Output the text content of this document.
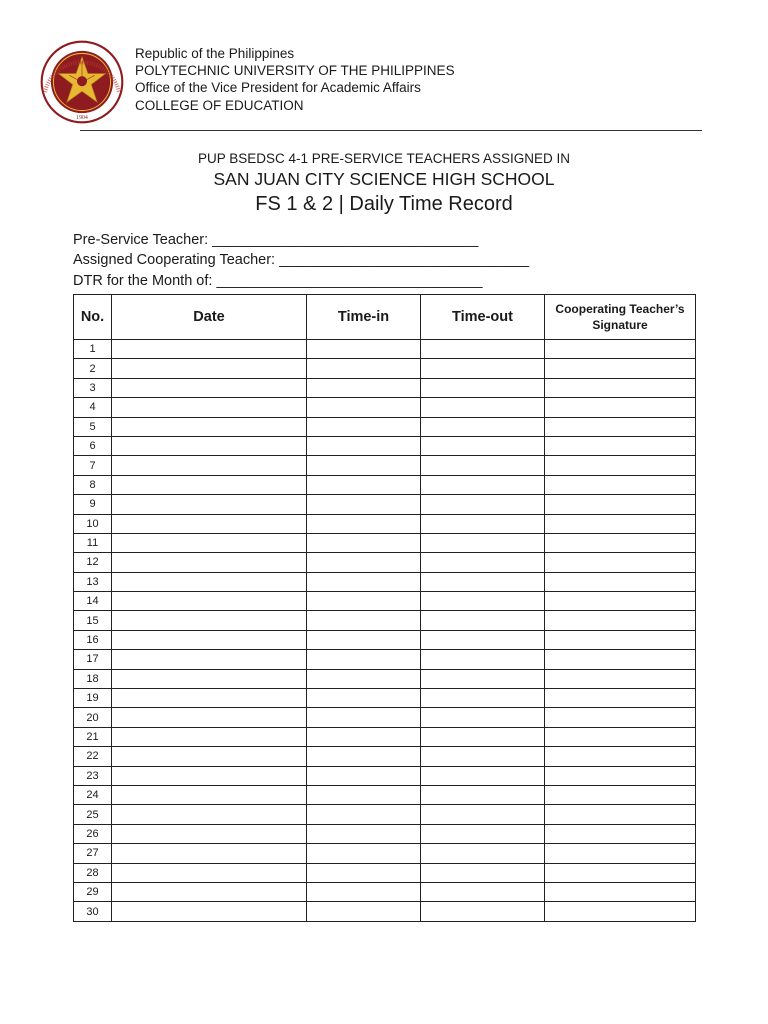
1904
Republic of the Philippines
POLYTECHNIC UNIVERSITY OF THE PHILIPPINES
Office of the Vice President for Academic Affairs
COLLEGE OF EDUCATION
PUP BSEDSC 4-1 PRE-SERVICE TEACHERS ASSIGNED IN
SAN JUAN CITY SCIENCE HIGH SCHOOL
FS 1 & 2 | Daily Time Record
Pre-Service Teacher: _________________________________
Assigned Cooperating Teacher: _______________________________
DTR for the Month of: _________________________________
No.	Date	Time-in	Time-out	Cooperating Teacher’s Signature
1				
2				
3				
4				
5				
6				
7				
8				
9				
10				
11				
12				
13				
14				
15				
16				
17				
18				
19				
20				
21				
22				
23				
24				
25				
26				
27				
28				
29				
30				
